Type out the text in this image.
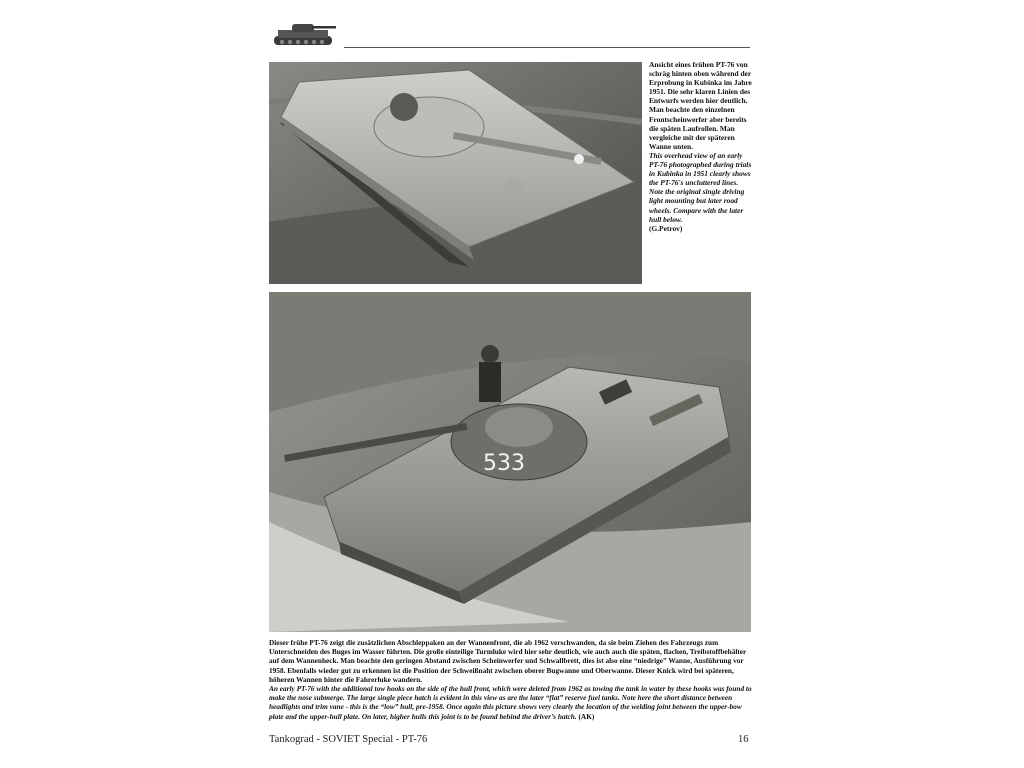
Ansicht eines frühen PT-76 von schräg hinten oben während der Erprobung in Kubinka im Jahre 1951. Die sehr klaren Linien des Entwurfs werden hier deutlich. Man beachte den einzelnen Frontscheinwerfer aber bereits die späten Laufrollen. Man vergleiche mit der späteren Wanne unten.

This overhead view of an early PT-76 photographed during trials in Kubinka in 1951 clearly shows the PT-76's uncluttered lines. Note the original single driving light mounting but later road wheels. Compare with the later hull below.

(G.Petrov)

533

Dieser frühe PT-76 zeigt die zusätzlichen Abschleppaken an der Wannenfront, die ab 1962 verschwanden, da sie beim Ziehen des Fahrzeugs zum Unterschneiden des Buges im Wasser führten. Die große einteilige Turmluke wird hier sehr deutlich, wie auch auch die späten, flachen, Treibstoffbehälter auf dem Wannenheck. Man beachte den geringen Abstand zwischen Scheinwerfer und Schwallbrett, dies ist also eine “niedrige” Wanne, Ausführung vor 1958. Ebenfalls wieder gut zu erkennen ist die Position der Schweißnaht zwischen oberer Bugwanne und Oberwanne. Dieser Knick wird bei späteren, höheren Wannen hinter die Fahrerluke wandern.

An early PT-76 with the additional tow hooks on the side of the hull front, which were deleted from 1962 as towing the tank in water by these hooks was found to make the nose submerge. The large single piece hatch is evident in this view as are the later “flat” reserve fuel tanks. Note here the short distance between headlights and trim vane - this is the “low” hull, pre-1958. Once again this picture shows very clearly the location of the welding joint between the upper-bow plate and the upper-hull plate. On later, higher hulls this joint is to be found behind the driver’s hatch. (AK)

Tankograd - SOVIET Special - PT-76	16
